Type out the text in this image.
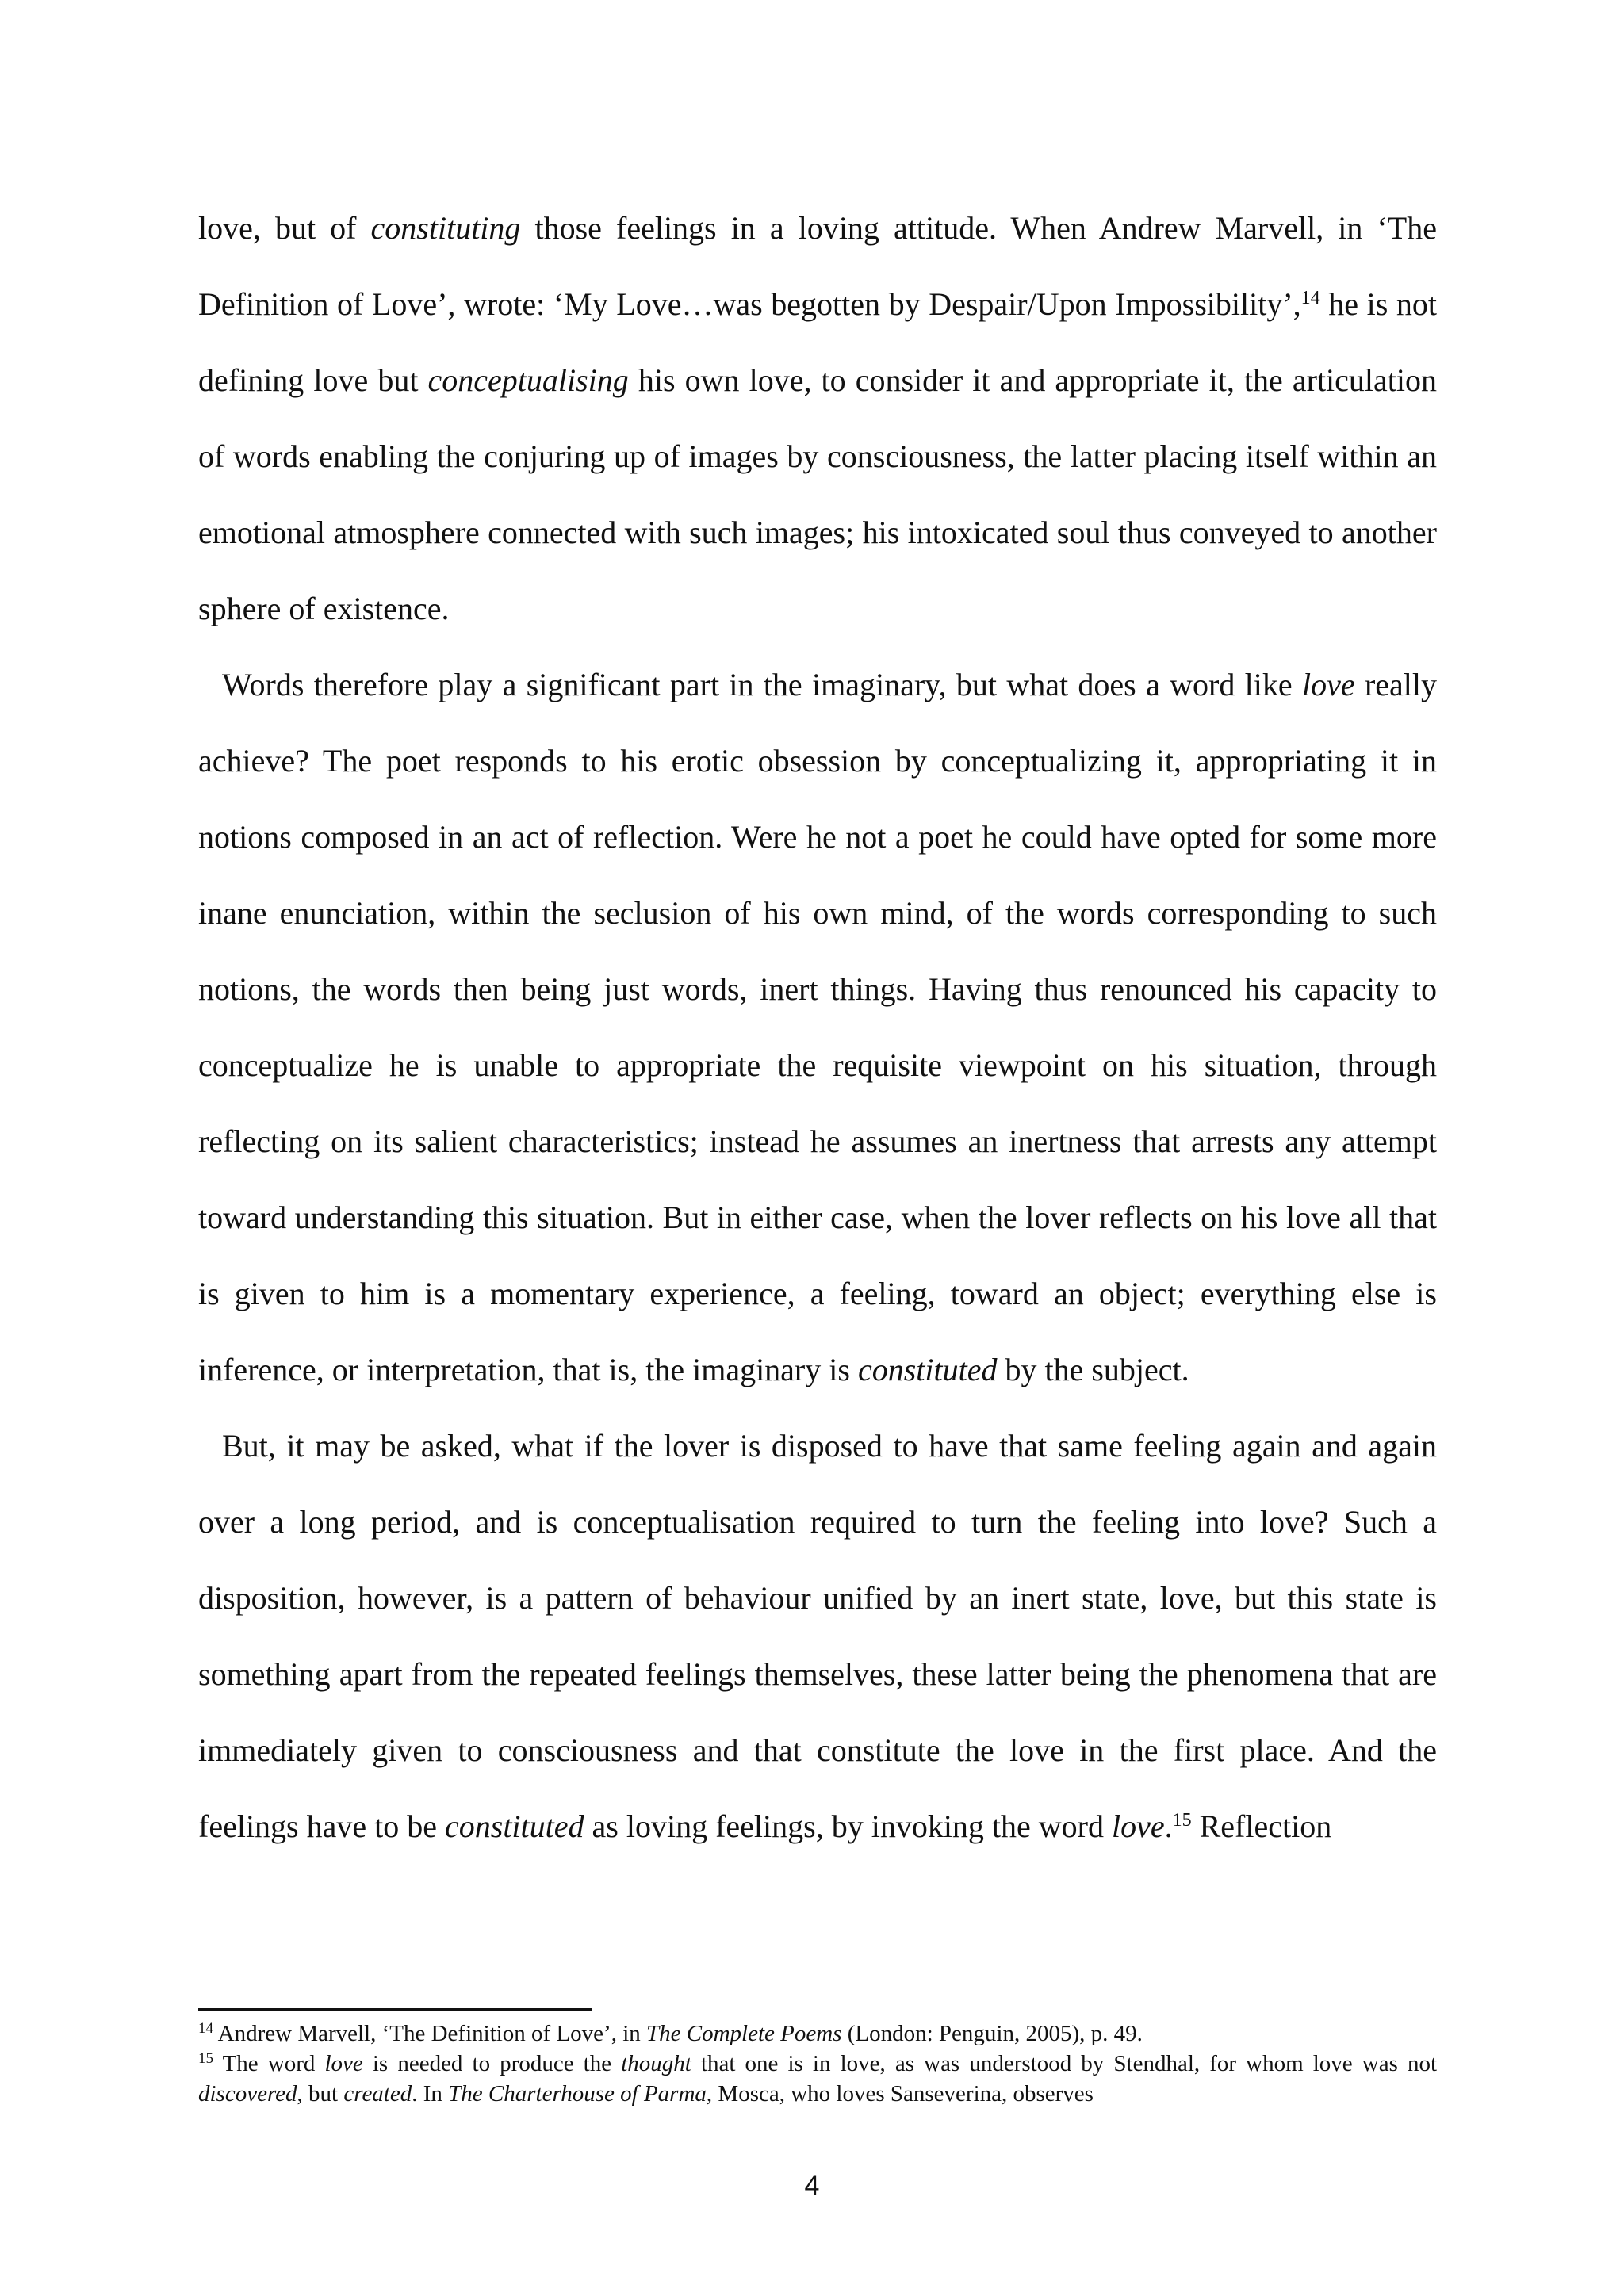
love, but of constituting those feelings in a loving attitude. When Andrew Marvell, in ‘The Definition of Love’, wrote: ‘My Love…was begotten by Despair/Upon Impossibility’,$^{14}$ he is not defining love but conceptualising his own love, to consider it and appropriate it, the articulation of words enabling the conjuring up of images by consciousness, the latter placing itself within an emotional atmosphere connected with such images; his intoxicated soul thus conveyed to another sphere of existence.

Words therefore play a significant part in the imaginary, but what does a word like love really achieve? The poet responds to his erotic obsession by conceptualizing it, appropriating it in notions composed in an act of reflection. Were he not a poet he could have opted for some more inane enunciation, within the seclusion of his own mind, of the words corresponding to such notions, the words then being just words, inert things. Having thus renounced his capacity to conceptualize he is unable to appropriate the requisite viewpoint on his situation, through reflecting on its salient characteristics; instead he assumes an inertness that arrests any attempt toward understanding this situation. But in either case, when the lover reflects on his love all that is given to him is a momentary experience, a feeling, toward an object; everything else is inference, or interpretation, that is, the imaginary is constituted by the subject.

But, it may be asked, what if the lover is disposed to have that same feeling again and again over a long period, and is conceptualisation required to turn the feeling into love? Such a disposition, however, is a pattern of behaviour unified by an inert state, love, but this state is something apart from the repeated feelings themselves, these latter being the phenomena that are immediately given to consciousness and that constitute the love in the first place. And the feelings have to be constituted as loving feelings, by invoking the word love.$^{15}$ Reflection

$^{14}$ Andrew Marvell, ‘The Definition of Love’, in The Complete Poems (London: Penguin, 2005), p. 49.

$^{15}$ The word love is needed to produce the thought that one is in love, as was understood by Stendhal, for whom love was not discovered, but created. In The Charterhouse of Parma, Mosca, who loves Sanseverina, observes

4
